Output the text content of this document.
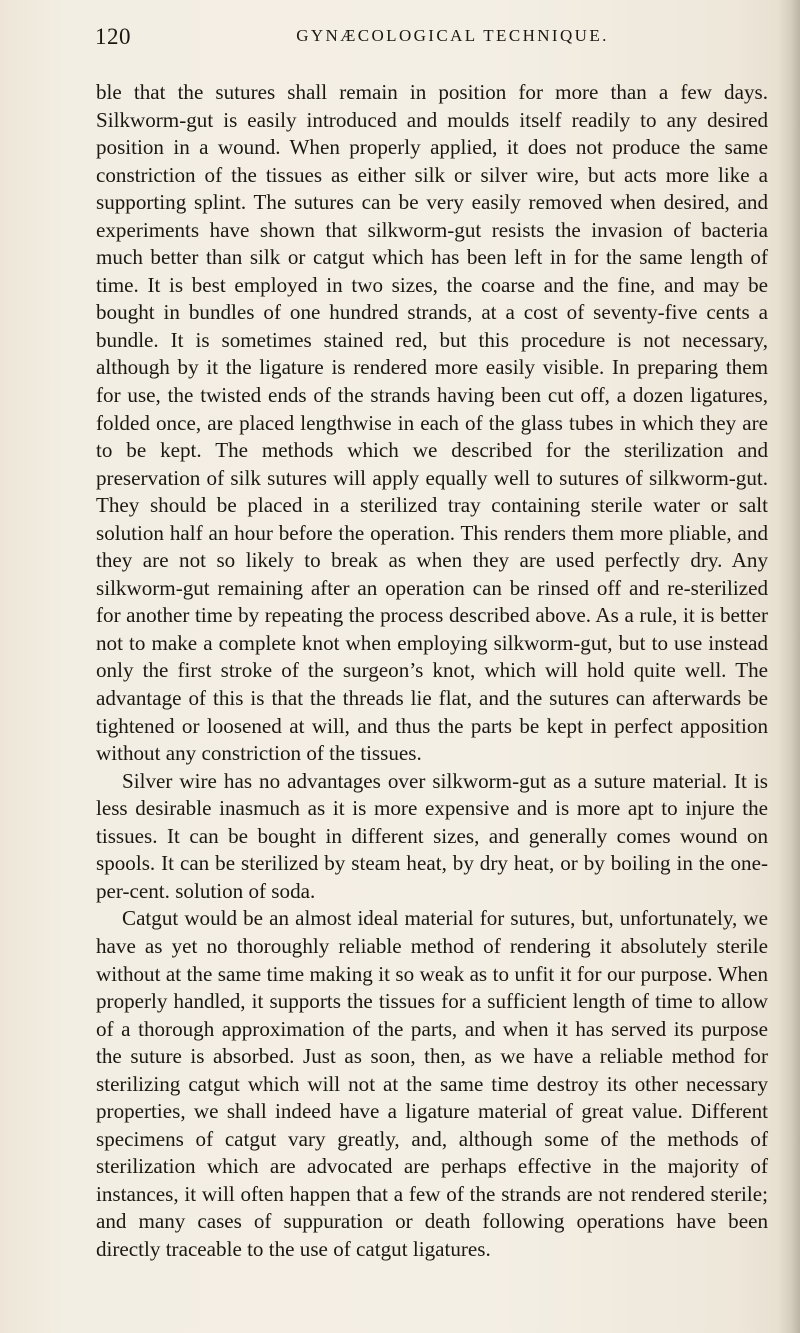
120	GYNÆCOLOGICAL TECHNIQUE.

ble that the sutures shall remain in position for more than a few days. Silkworm-gut is easily introduced and moulds itself readily to any desired position in a wound. When properly applied, it does not produce the same constriction of the tissues as either silk or silver wire, but acts more like a supporting splint. The sutures can be very easily removed when desired, and experiments have shown that silkworm-gut resists the invasion of bacteria much better than silk or catgut which has been left in for the same length of time. It is best employed in two sizes, the coarse and the fine, and may be bought in bundles of one hundred strands, at a cost of seventy-five cents a bundle. It is sometimes stained red, but this procedure is not necessary, although by it the ligature is rendered more easily visible. In preparing them for use, the twisted ends of the strands having been cut off, a dozen ligatures, folded once, are placed lengthwise in each of the glass tubes in which they are to be kept. The methods which we described for the sterilization and preservation of silk sutures will apply equally well to sutures of silkworm-gut. They should be placed in a sterilized tray containing sterile water or salt solution half an hour before the operation. This renders them more pliable, and they are not so likely to break as when they are used perfectly dry. Any silkworm-gut remaining after an operation can be rinsed off and re-sterilized for another time by repeating the process described above. As a rule, it is better not to make a complete knot when employing silkworm-gut, but to use instead only the first stroke of the surgeon’s knot, which will hold quite well. The advantage of this is that the threads lie flat, and the sutures can afterwards be tightened or loosened at will, and thus the parts be kept in perfect apposition without any constriction of the tissues.

Silver wire has no advantages over silkworm-gut as a suture material. It is less desirable inasmuch as it is more expensive and is more apt to injure the tissues. It can be bought in different sizes, and generally comes wound on spools. It can be sterilized by steam heat, by dry heat, or by boiling in the one-per-cent. solution of soda.

Catgut would be an almost ideal material for sutures, but, unfortunately, we have as yet no thoroughly reliable method of rendering it absolutely sterile without at the same time making it so weak as to unfit it for our purpose. When properly handled, it supports the tissues for a sufficient length of time to allow of a thorough approximation of the parts, and when it has served its purpose the suture is absorbed. Just as soon, then, as we have a reliable method for sterilizing catgut which will not at the same time destroy its other necessary properties, we shall indeed have a ligature material of great value. Different specimens of catgut vary greatly, and, although some of the methods of sterilization which are advocated are perhaps effective in the majority of instances, it will often happen that a few of the strands are not rendered sterile; and many cases of suppuration or death following operations have been directly traceable to the use of catgut ligatures.
